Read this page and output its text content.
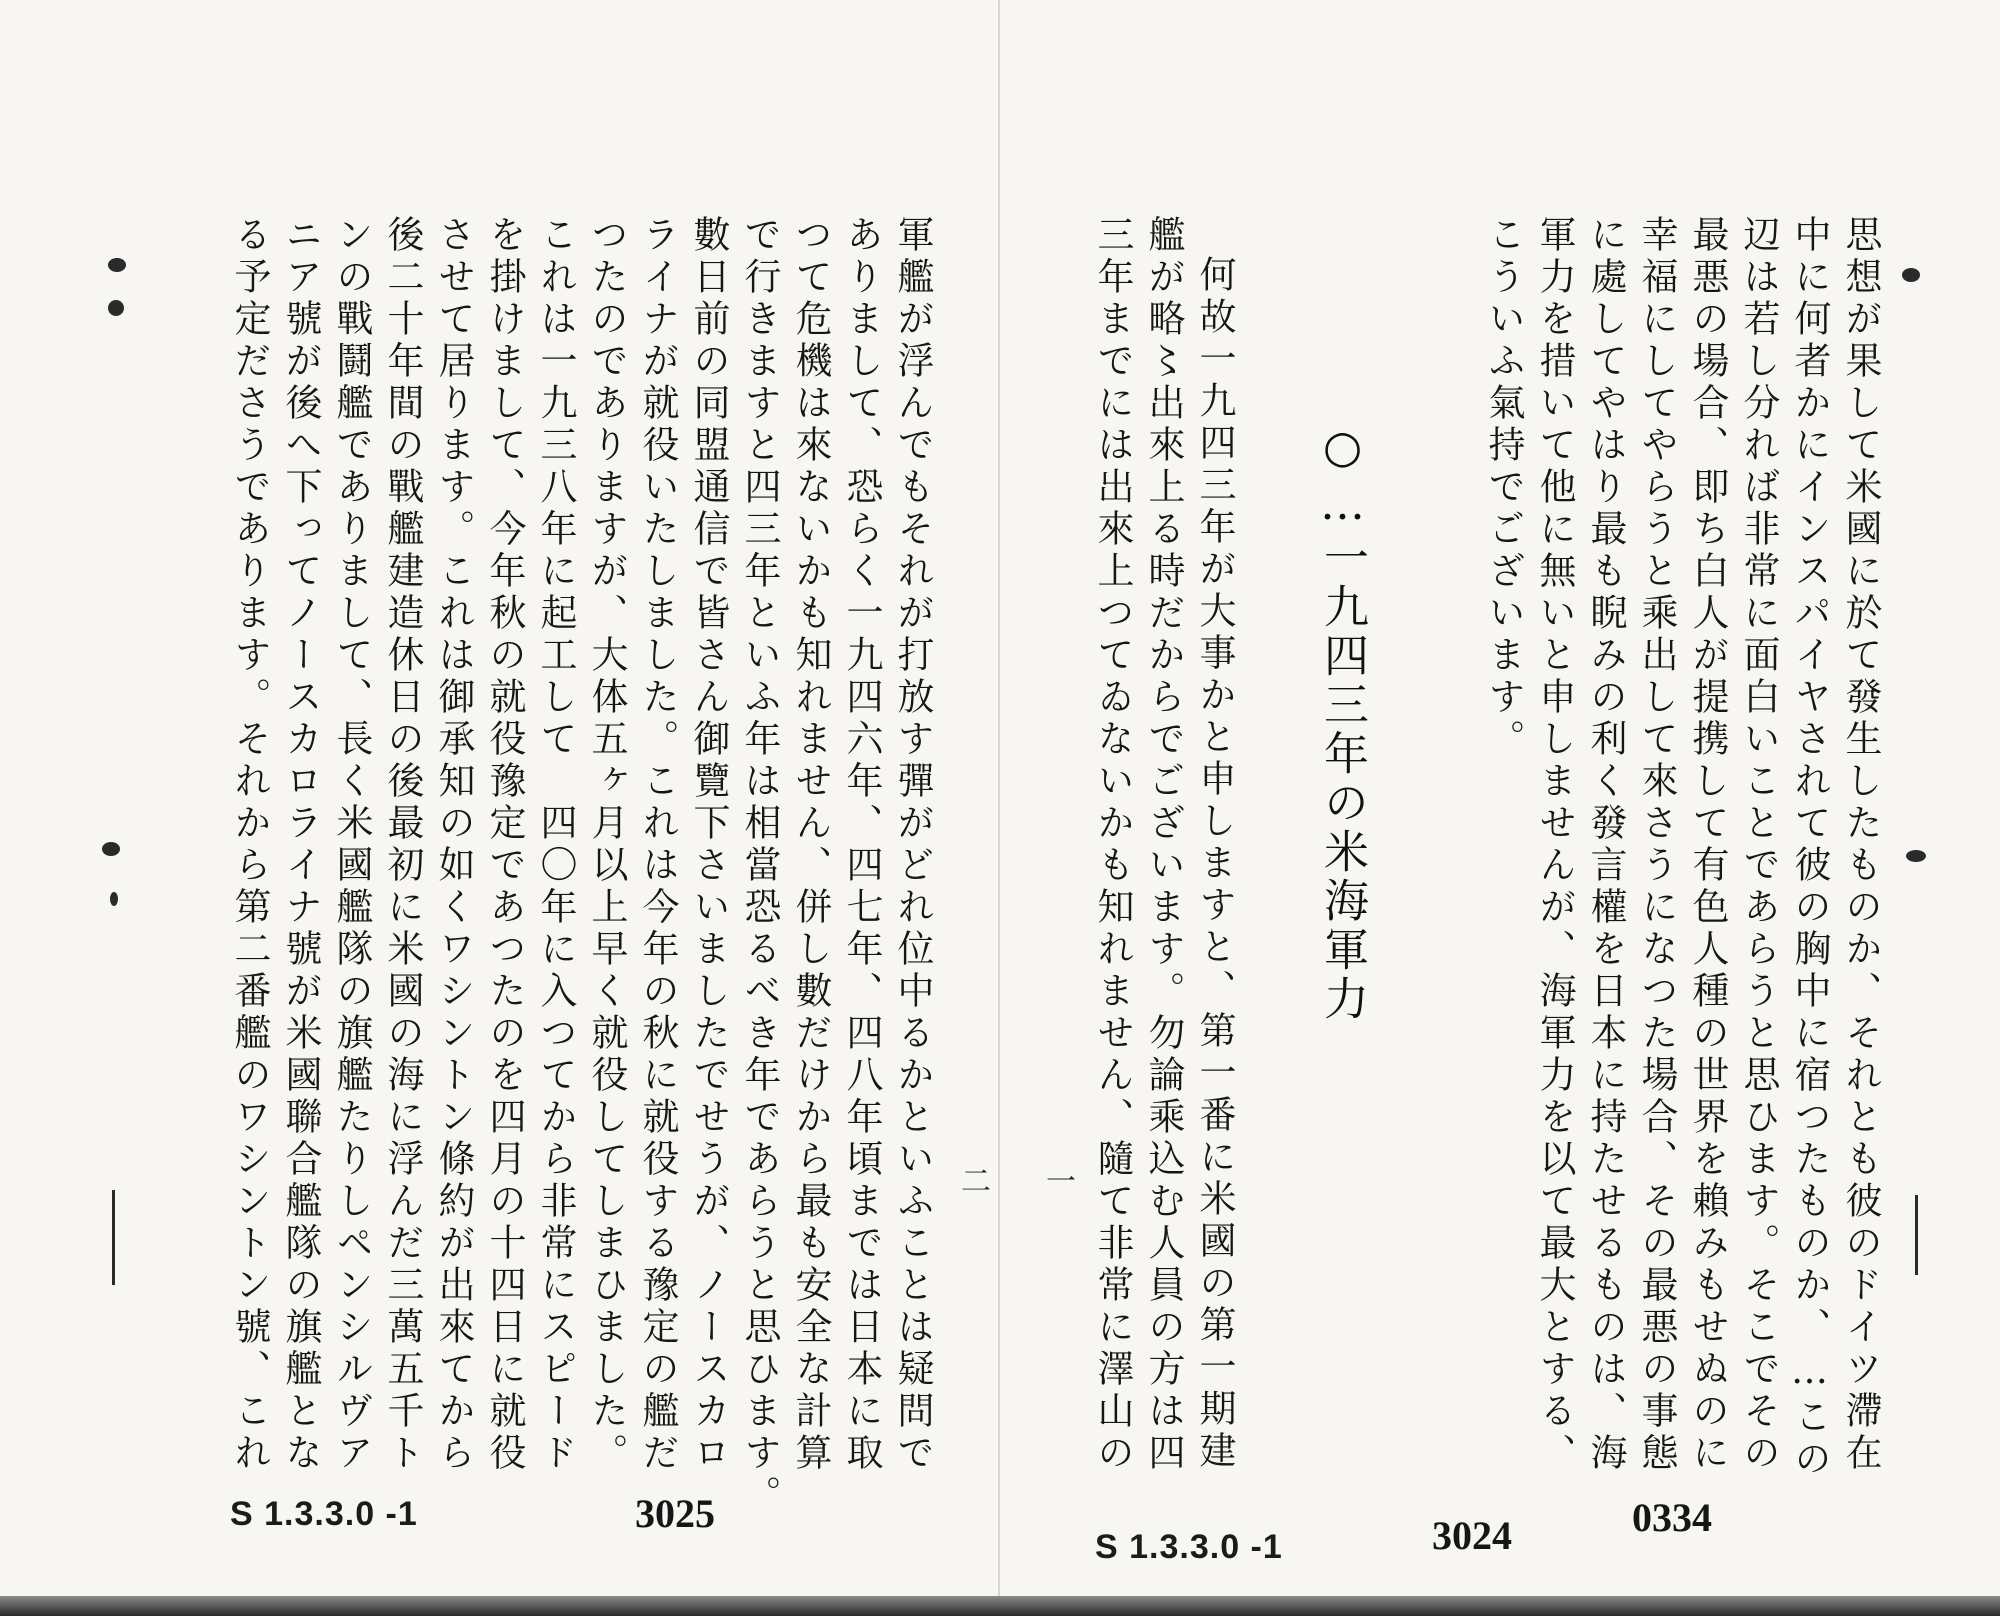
軍艦が浮んでもそれが打放す彈がどれ位中るかといふことは疑問で
ありまして、恐らく一九四六年、四七年、四八年頃までは日本に取
つて危機は來ないかも知れません、併し數だけから最も安全な計算
で行きますと四三年といふ年は相當恐るべき年であらうと思ひます。
數日前の同盟通信で皆さん御覽下さいましたでせうが、ノースカロ
ライナが就役いたしました。これは今年の秋に就役する豫定の艦だ
つたのでありますが、大体五ヶ月以上早く就役してしまひました。
これは一九三八年に起工して　四〇年に入つてから非常にスピード
を掛けまして、今年秋の就役豫定であつたのを四月の十四日に就役
させて居ります。これは御承知の如くワシントン條約が出來てから
後二十年間の戰艦建造休日の後最初に米國の海に浮んだ三萬五千ト
ンの戰鬪艦でありまして、長く米國艦隊の旗艦たりしペンシルヴア
ニア號が後へ下ってノースカロライナ號が米國聯合艦隊の旗艦とな
る予定ださうであります。それから第二番艦のワシントン號、これ	二
S 1.3.3.0 -1	3025
思想が果して米國に於て發生したものか、それとも彼のドイツ滯在
中に何者かにインスパイヤされて彼の胸中に宿つたものか、…この
辺は若し分れば非常に面白いことであらうと思ひます。そこでその
最悪の場合、即ち白人が提携して有色人種の世界を賴みもせぬのに
幸福にしてやらうと乘出して來さうになつた場合、その最悪の事態
に處してやはり最も睨みの利く發言權を日本に持たせるものは、海
軍力を措いて他に無いと申しませんが、海軍力を以て最大とする、
こういふ氣持でございます。
○…一九四三年の米海軍力
何故一九四三年が大事かと申しますと、第一番に米國の第一期建
艦が略〻出來上る時だからでございます。勿論乘込む人員の方は四
三年までには出來上つてゐないかも知れません、隨て非常に澤山の
一
S 1.3.3.0 -1	3024	0334
